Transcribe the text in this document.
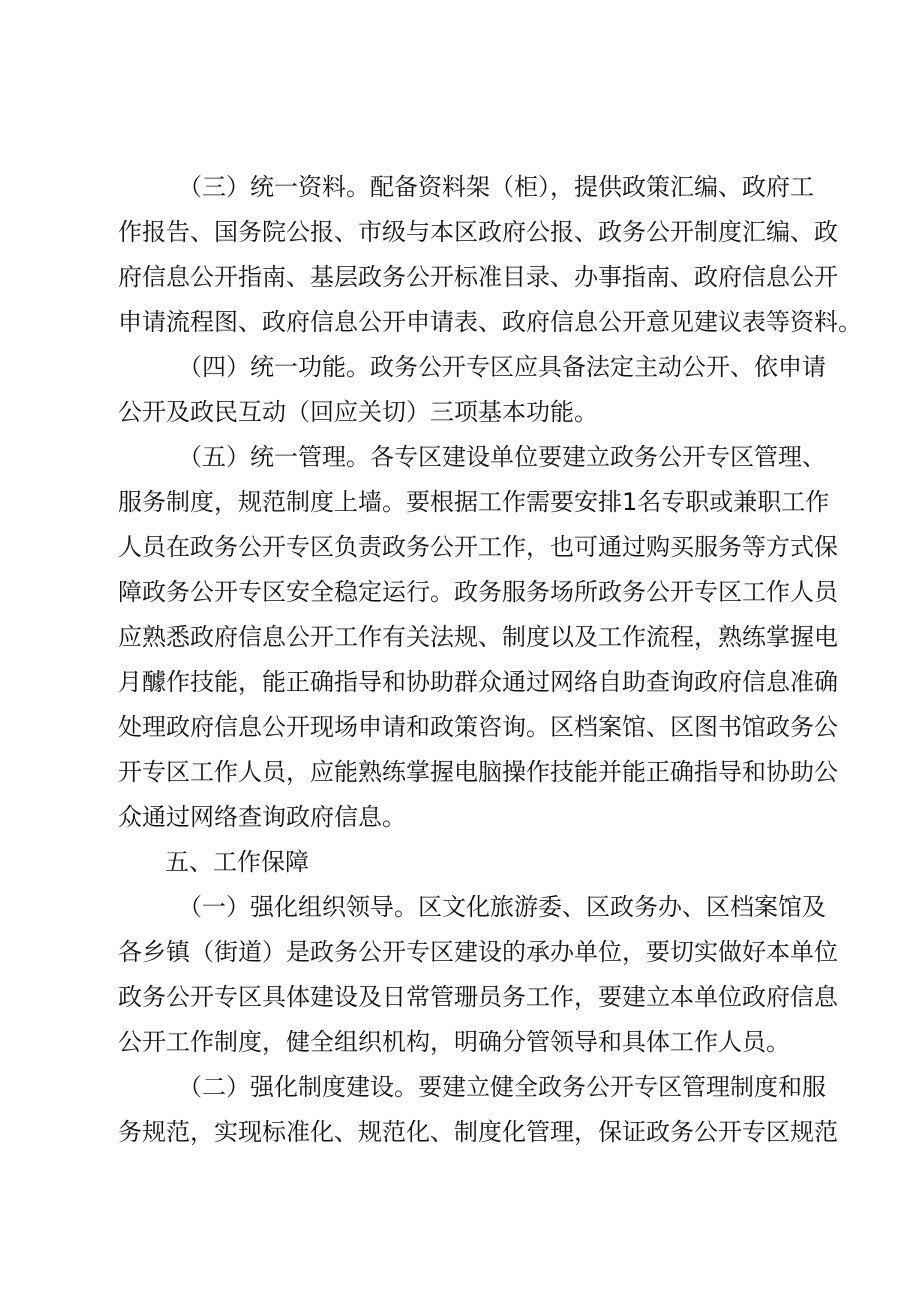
（三）统一资料。配备资料架（柜），提供政策汇编、政府工
作报告、国务院公报、市级与本区政府公报、政务公开制度汇编、政
府信息公开指南、基层政务公开标准目录、办事指南、政府信息公开
申请流程图、政府信息公开申请表、政府信息公开意见建议表等资料。
（四）统一功能。政务公开专区应具备法定主动公开、依申请
公开及政民互动（回应关切）三项基本功能。
（五）统一管理。各专区建设单位要建立政务公开专区管理、
服务制度，规范制度上墙。要根据工作需要安排1名专职或兼职工作
人员在政务公开专区负责政务公开工作，也可通过购买服务等方式保
障政务公开专区安全稳定运行。政务服务场所政务公开专区工作人员
应熟悉政府信息公开工作有关法规、制度以及工作流程，熟练掌握电
月醵作技能，能正确指导和协助群众通过网络自助查询政府信息准确
处理政府信息公开现场申请和政策咨询。区档案馆、区图书馆政务公
开专区工作人员，应能熟练掌握电脑操作技能并能正确指导和协助公
众通过网络查询政府信息。
五、工作保障
（一）强化组织领导。区文化旅游委、区政务办、区档案馆及
各乡镇（街道）是政务公开专区建设的承办单位，要切实做好本单位
政务公开专区具体建设及日常管珊员务工作，要建立本单位政府信息
公开工作制度，健全组织机构，明确分管领导和具体工作人员。
（二）强化制度建设。要建立健全政务公开专区管理制度和服
务规范，实现标准化、规范化、制度化管理，保证政务公开专区规范
